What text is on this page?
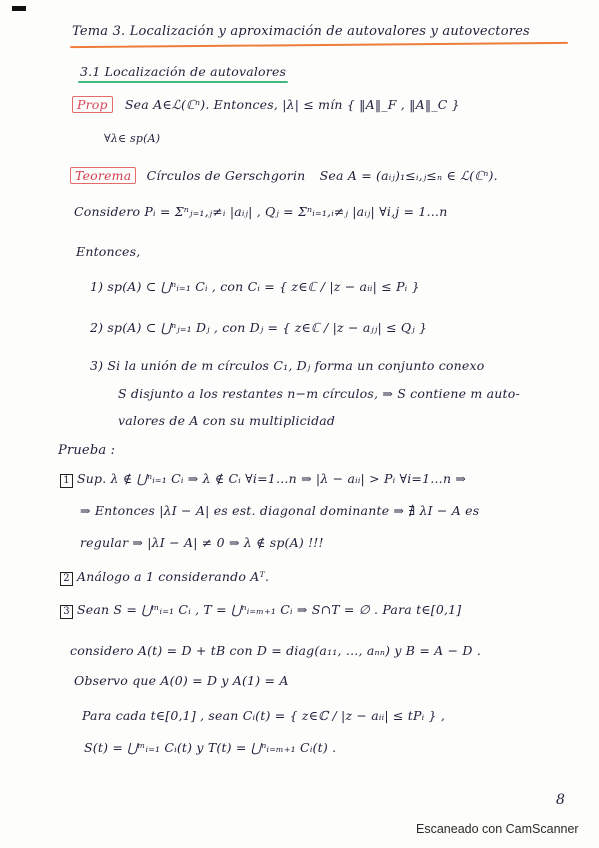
Tema 3. Localización y aproximación de autovalores y autovectores
3.1 Localización de autovalores
Prop Sea A∈ℒ(ℂⁿ). Entonces, |λ| ≤ mín { ‖A‖_F , ‖A‖_C }
∀λ∈ sp(A)
Teorema Círculos de Gerschgorin Sea A = (aᵢⱼ)₁≤ᵢ,ⱼ≤ₙ ∈ ℒ(ℂⁿ).
Considero Pᵢ = Σⁿⱼ₌₁,ⱼ≠ᵢ |aᵢⱼ| , Qⱼ = Σⁿᵢ₌₁,ᵢ≠ⱼ |aᵢⱼ| ∀i,j = 1…n
Entonces,
1) sp(A) ⊂ ⋃ⁿᵢ₌₁ Cᵢ , con Cᵢ = { z∈ℂ / |z − aᵢᵢ| ≤ Pᵢ }
2) sp(A) ⊂ ⋃ⁿⱼ₌₁ Dⱼ , con Dⱼ = { z∈ℂ / |z − aⱼⱼ| ≤ Qⱼ }
3) Si la unión de m círculos C₁, Dⱼ forma un conjunto conexo
S disjunto a los restantes n−m círculos, ⇒ S contiene m auto-
valores de A con su multiplicidad
Prueba :
1 Sup. λ ∉ ⋃ⁿᵢ₌₁ Cᵢ ⇒ λ ∉ Cᵢ ∀i=1…n ⇒ |λ − aᵢᵢ| > Pᵢ ∀i=1…n ⇒
⇒ Entonces |λI − A| es est. diagonal dominante ⇒ ∄ λI − A es
regular ⇒ |λI − A| ≠ 0 ⇒ λ ∉ sp(A) !!!
2 Análogo a 1 considerando Aᵀ.
3 Sean S = ⋃ᵐᵢ₌₁ Cᵢ , T = ⋃ⁿᵢ₌ₘ₊₁ Cᵢ ⇒ S∩T = ∅ . Para t∈[0,1]
considero A(t) = D + tB con D = diag(a₁₁, …, aₙₙ) y B = A − D .
Observo que A(0) = D y A(1) = A
Para cada t∈[0,1] , sean Cᵢ(t) = { z∈ℂ / |z − aᵢᵢ| ≤ tPᵢ } ,
S(t) = ⋃ᵐᵢ₌₁ Cᵢ(t) y T(t) = ⋃ⁿᵢ₌ₘ₊₁ Cᵢ(t) .
8
Escaneado con CamScanner
